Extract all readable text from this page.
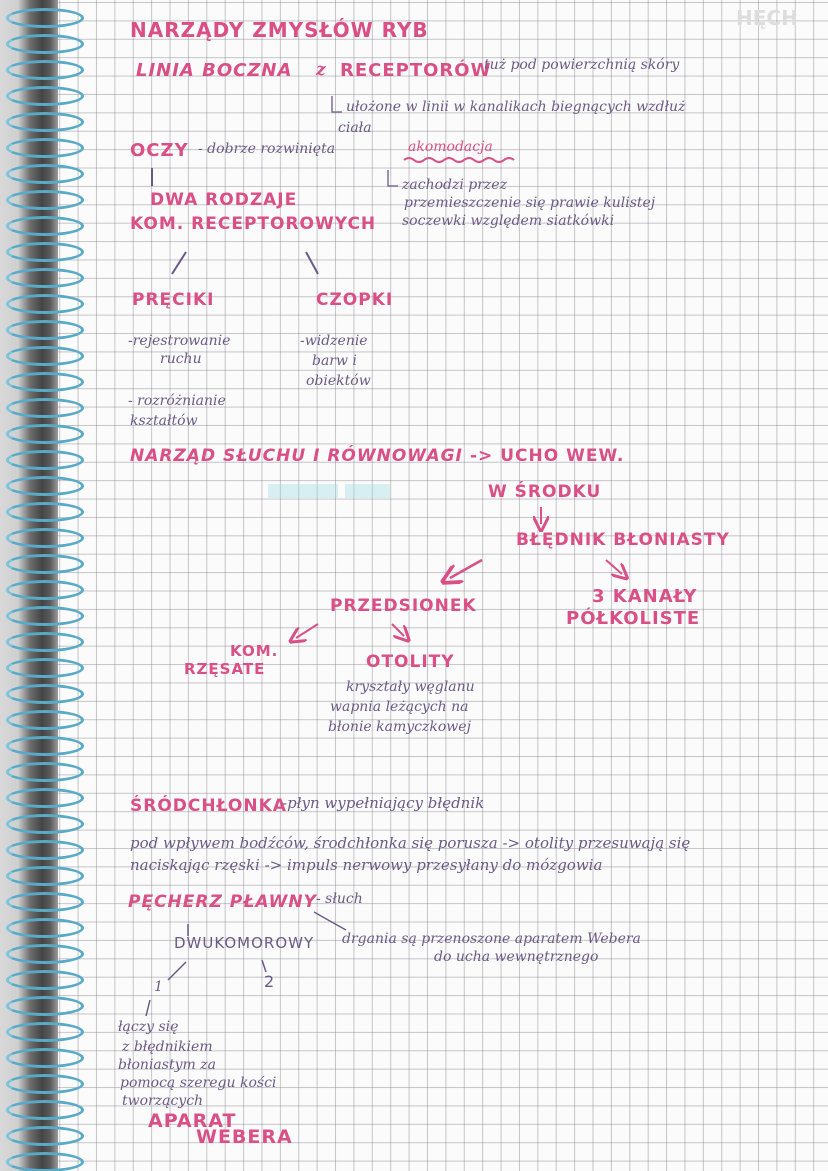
HĘCH
NARZĄDY ZMYSŁÓW RYB
LINIA BOCZNA z RECEPTORÓW
tuż pod powierzchnią skóry
ułożone w linii w kanalikach biegnących wzdłuż
ciała
OCZY - dobrze rozwinięta	akomodacja
zachodzi przez
przemieszczenie się prawie kulistej
soczewki względem siatkówki
DWA RODZAJE
KOM. RECEPTOROWYCH
PRĘCIKI	CZOPKI
-rejestrowanie
ruchu
- rozróżnianie
kształtów
-widzenie
barw i
obiektów
NARZĄD SŁUCHU I RÓWNOWAGI -> UCHO WEW.
W ŚRODKU
BŁĘDNIK BŁONIASTY
PRZEDSIONEK	3 KANAŁY
PÓŁKOLISTE
KOM.
RZĘSATE	OTOLITY
kryształy węglanu
wapnia leżących na
błonie kamyczkowej
ŚRÓDCHŁONKA
-płyn wypełniający błędnik
pod wpływem bodźców, środchłonka się porusza -> otolity przesuwają się
naciskając rzęski -> impuls nerwowy przesyłany do mózgowia
PĘCHERZ PŁAWNY - słuch
DWUKOMOROWY drgania są przenoszone aparatem Webera
do ucha wewnętrznego
1	2
łączy się
z błędnikiem
błoniastym za
pomocą szeregu kości
tworzących
APARAT
WEBERA
